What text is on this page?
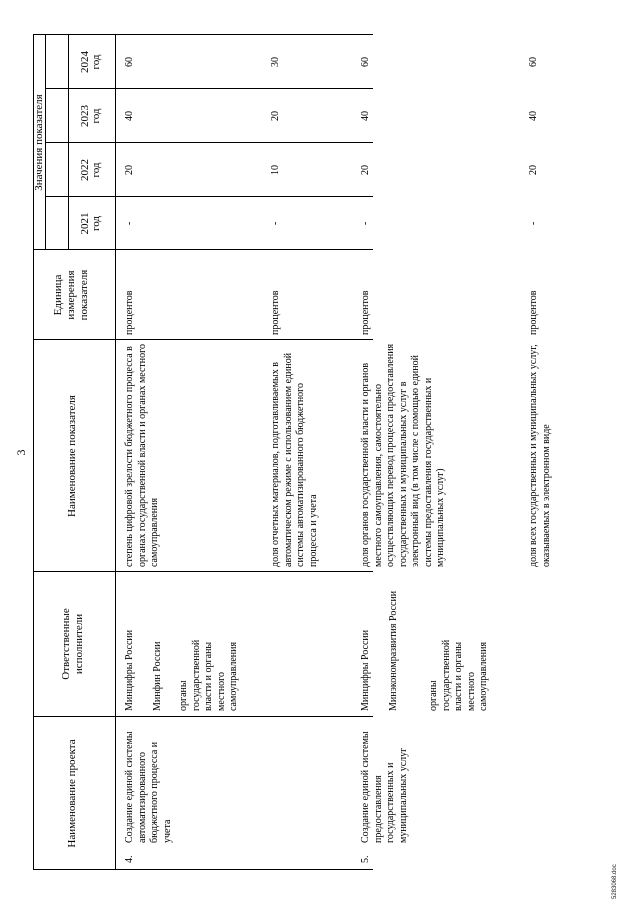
3
Наименование проекта
Ответственные исполнители
Наименование показателя
Единица измерения показателя
Значения показателя
2021 год
2022 год
2023 год
2024 год
4.
Создание единой системы автоматизированного бюджетного процесса и учета
Минцифры России Минфин России органы государственной власти и органы местного самоуправления
степень цифровой зрелости бюджетного процесса в органах государственной власти и органах местного самоуправления
процентов
-
20
40
60
доля отчетных материалов, подготавливаемых в автоматическом режиме с использованием единой системы автоматизированного бюджетного процесса и учета
процентов
-
10
20
30
5.
Создание единой системы предоставления государственных и муниципальных услуг
Минцифры России Минэкономразвития России	органы государственной власти и органы местного самоуправления
доля органов государственной власти и органов местного самоуправления, самостоятельно осуществляющих перевод процесса предоставления государственных и муниципальных услуг в электронный вид (в том числе с помощью единой системы предоставления государственных и муниципальных услуг)
процентов
-
20
40
60
доля всех государственных и муниципальных услуг, оказываемых в электронном виде
процентов
-
20
40
60
5283068.doc
